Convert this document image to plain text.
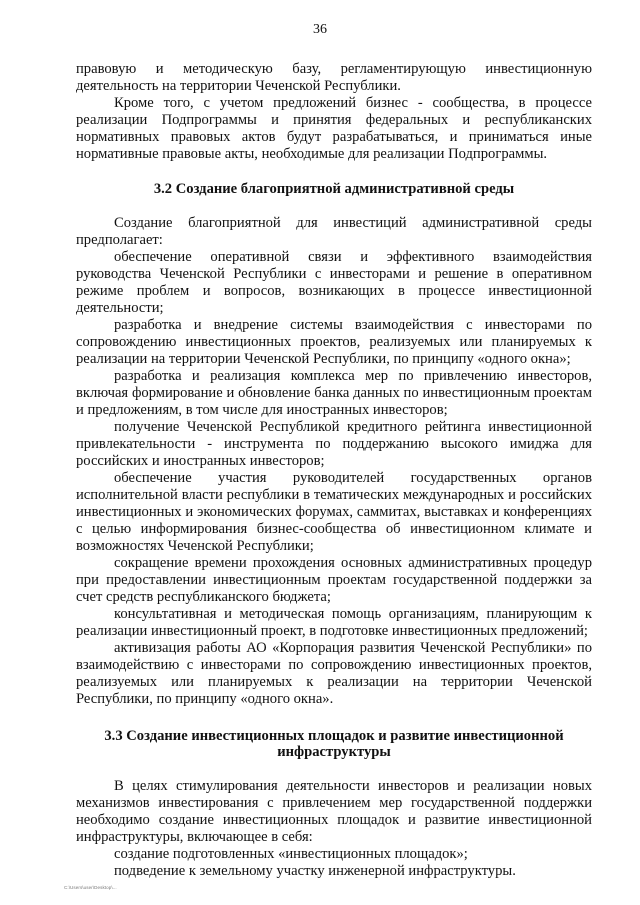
36

правовую и методическую базу, регламентирующую инвестиционную деятельность на территории Чеченской Республики.

Кроме того, с учетом предложений бизнес - сообщества, в процессе реализации Подпрограммы и принятия федеральных и республиканских нормативных правовых актов будут разрабатываться, и приниматься иные нормативные правовые акты, необходимые для реализации Подпрограммы.

3.2 Создание благоприятной административной среды

Создание благоприятной для инвестиций административной среды предполагает:

обеспечение оперативной связи и эффективного взаимодействия руководства Чеченской Республики с инвесторами и решение в оперативном режиме проблем и вопросов, возникающих в процессе инвестиционной деятельности;

разработка и внедрение системы взаимодействия с инвесторами по сопровождению инвестиционных проектов, реализуемых или планируемых к реализации на территории Чеченской Республики, по принципу «одного окна»;

разработка и реализация комплекса мер по привлечению инвесторов, включая формирование и обновление банка данных по инвестиционным проектам и предложениям, в том числе для иностранных инвесторов;

получение Чеченской Республикой кредитного рейтинга инвестиционной привлекательности - инструмента по поддержанию высокого имиджа для российских и иностранных инвесторов;

обеспечение участия руководителей государственных органов исполнительной власти республики в тематических международных и российских инвестиционных и экономических форумах, саммитах, выставках и конференциях с целью информирования бизнес-сообщества об инвестиционном климате и возможностях Чеченской Республики;

сокращение времени прохождения основных административных процедур при предоставлении инвестиционным проектам государственной поддержки за счет средств республиканского бюджета;

консультативная и методическая помощь организациям, планирующим к реализации инвестиционный проект, в подготовке инвестиционных предложений;

активизация работы АО «Корпорация развития Чеченской Республики» по взаимодействию с инвесторами по сопровождению инвестиционных проектов, реализуемых или планируемых к реализации на территории Чеченской Республики, по принципу «одного окна».

3.3 Создание инвестиционных площадок и развитие инвестиционной
инфраструктуры

В целях стимулирования деятельности инвесторов и реализации новых механизмов инвестирования с привлечением мер государственной поддержки необходимо создание инвестиционных площадок и развитие инвестиционной инфраструктуры, включающее в себя:

создание подготовленных «инвестиционных площадок»;

подведение к земельному участку инженерной инфраструктуры.

C:\Users\user\Desktop\...
